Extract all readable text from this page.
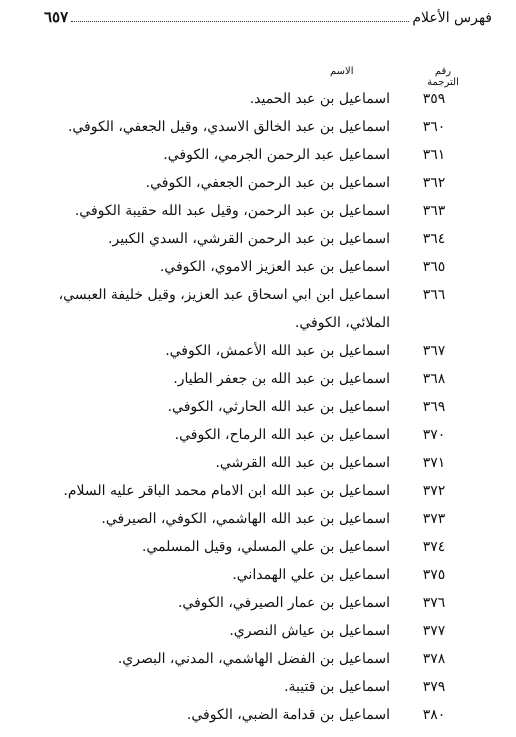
فهرس الأعلام
٦٥٧
رقم الترجمة
الاسم
٣٥٩
اسماعيل بن عبد الحميد.
٣٦٠
اسماعيل بن عبد الخالق الاسدي، وقيل الجعفي، الكوفي.
٣٦١
اسماعيل عبد الرحمن الجرمي، الكوفي.
٣٦٢
اسماعيل بن عبد الرحمن الجعفي، الكوفي.
٣٦٣
اسماعيل بن عبد الرحمن، وقيل عبد الله حقيبة الكوفي.
٣٦٤
اسماعيل بن عبد الرحمن القرشي، السدي الكبير.
٣٦٥
اسماعيل بن عبد العزيز الاموي، الكوفي.
٣٦٦
اسماعيل ابن ابي اسحاق عبد العزيز، وقيل خليفة العبسي، الملائي، الكوفي.
٣٦٧
اسماعيل بن عبد الله الأعمش، الكوفي.
٣٦٨
اسماعيل بن عبد الله بن جعفر الطيار.
٣٦٩
اسماعيل بن عبد الله الحارثي، الكوفي.
٣٧٠
اسماعيل بن عبد الله الرماح، الكوفي.
٣٧١
اسماعيل بن عبد الله القرشي.
٣٧٢
اسماعيل بن عبد الله ابن الامام محمد الباقر عليه السلام.
٣٧٣
اسماعيل بن عبد الله الهاشمي، الكوفي، الصيرفي.
٣٧٤
اسماعيل بن علي المسلي، وقيل المسلمي.
٣٧٥
اسماعيل بن علي الهمداني.
٣٧٦
اسماعيل بن عمار الصيرفي، الكوفي.
٣٧٧
اسماعيل بن عياش النصري.
٣٧٨
اسماعيل بن الفضل الهاشمي، المدني، البصري.
٣٧٩
اسماعيل بن قتيبة.
٣٨٠
اسماعيل بن قدامة الضبي، الكوفي.
